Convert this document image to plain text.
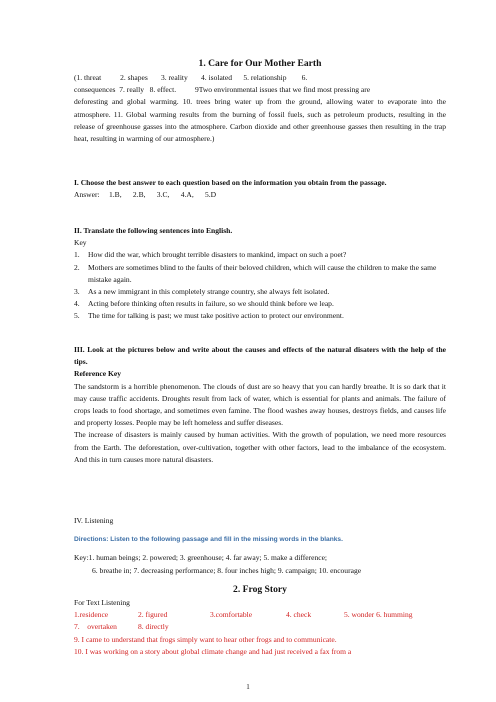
1. Care for Our Mother Earth

(1. threat          2. shapes       3. reality       4. isolated      5. relationship        6.

consequences  7. really   8. effect.          9Two environmental issues that we find most pressing are

deforesting and global warming. 10. trees bring water up from the ground, allowing water to evaporate into the atmosphere. 11. Global warming results from the burning of fossil fuels, such as petroleum products, resulting in the release of greenhouse gasses into the atmosphere. Carbon dioxide and other greenhouse gasses then resulting in the trap heat, resulting in warming of our atmosphere.)

I. Choose the best answer to each question based on the information you obtain from the passage.

Answer:     1.B,      2.B,      3.C,      4.A,      5.D

II. Translate the following sentences into English.

Key

1. How did the war, which brought terrible disasters to mankind, impact on such a poet?
2. Mothers are sometimes blind to the faults of their beloved children, which will cause the children to make the same mistake again.
3. As a new immigrant in this completely strange country, she always felt isolated.
4. Acting before thinking often results in failure, so we should think before we leap.
5. The time for talking is past; we must take positive action to protect our environment.

III. Look at the pictures below and write about the causes and effects of the natural disaters with the help of the tips.

Reference Key

The sandstorm is a horrible phenomenon. The clouds of dust are so heavy that you can hardly breathe. It is so dark that it may cause traffic accidents. Droughts result from lack of water, which is essential for plants and animals. The failure of crops leads to food shortage, and sometimes even famine. The flood washes away houses, destroys fields, and causes life and property losses. People may be left homeless and suffer diseases.

The increase of disasters is mainly caused by human activities. With the growth of population, we need more resources from the Earth. The deforestation, over-cultivation, together with other factors, lead to the imbalance of the ecosystem. And this in turn causes more natural disasters.

IV. Listening

Directions: Listen to the following passage and fill in the missing words in the blanks.

Key:1. human beings; 2. powered; 3. greenhouse; 4. far away; 5. make a difference;

6. breathe in; 7. decreasing performance; 8. four inches high; 9. campaign; 10. encourage

2. Frog Story

For Text Listening

1.residence	2. figured	3.comfortable	4. check	5. wonder 6. humming
7.    overtaken	8. directly

9. I came to understand that frogs simply want to hear other frogs and to communicate.

10. I was working on a story about global climate change and had just received a fax from a

1
